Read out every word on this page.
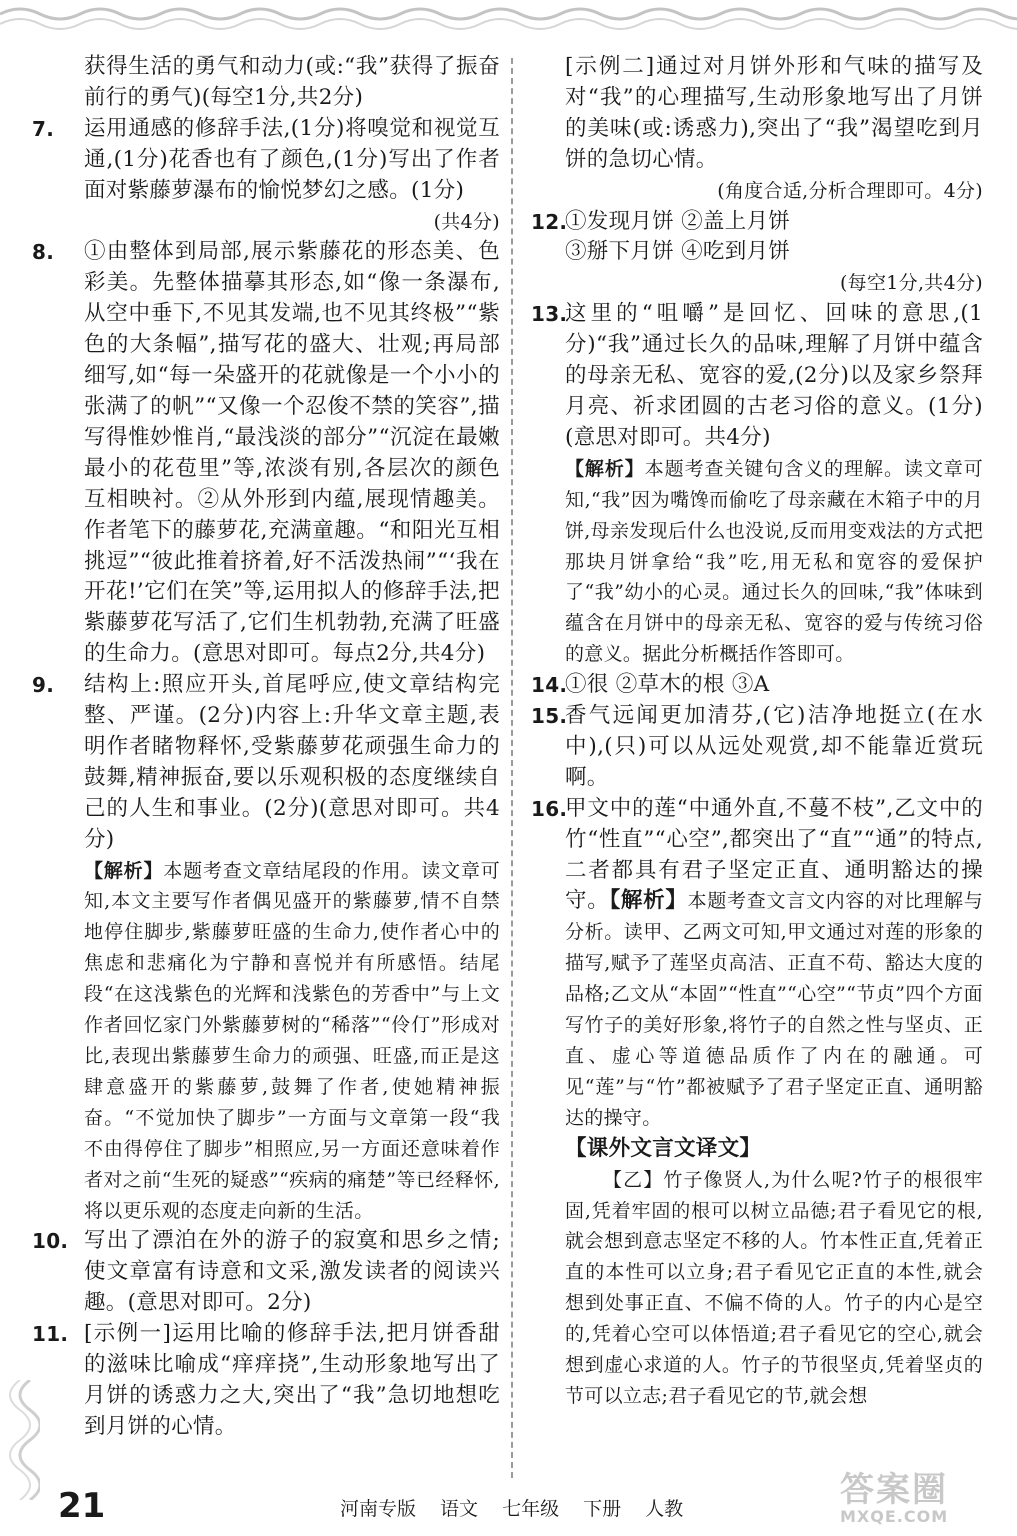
获得生活的勇气和动力(或:“我”获得了振奋前行的勇气)(每空1分,共2分)

7. 运用通感的修辞手法,(1分)将嗅觉和视觉互通,(1分)花香也有了颜色,(1分)写出了作者面对紫藤萝瀑布的愉悦梦幻之感。(1分)

(共4分)

8. ①由整体到局部,展示紫藤花的形态美、色彩美。先整体描摹其形态,如“像一条瀑布,从空中垂下,不见其发端,也不见其终极”“紫色的大条幅”,描写花的盛大、壮观;再局部细写,如“每一朵盛开的花就像是一个小小的张满了的帆”“又像一个忍俊不禁的笑容”,描写得惟妙惟肖,“最浅淡的部分”“沉淀在最嫩最小的花苞里”等,浓淡有别,各层次的颜色互相映衬。②从外形到内蕴,展现情趣美。作者笔下的藤萝花,充满童趣。“和阳光互相挑逗”“彼此推着挤着,好不活泼热闹”“‘我在开花!’它们在笑”等,运用拟人的修辞手法,把紫藤萝花写活了,它们生机勃勃,充满了旺盛的生命力。(意思对即可。每点2分,共4分)

9. 结构上:照应开头,首尾呼应,使文章结构完整、严谨。(2分)内容上:升华文章主题,表明作者睹物释怀,受紫藤萝花顽强生命力的鼓舞,精神振奋,要以乐观积极的态度继续自己的人生和事业。(2分)(意思对即可。共4分)

【解析】本题考查文章结尾段的作用。读文章可知,本文主要写作者偶见盛开的紫藤萝,情不自禁地停住脚步,紫藤萝旺盛的生命力,使作者心中的焦虑和悲痛化为宁静和喜悦并有所感悟。结尾段“在这浅紫色的光辉和浅紫色的芳香中”与上文作者回忆家门外紫藤萝树的“稀落”“伶仃”形成对比,表现出紫藤萝生命力的顽强、旺盛,而正是这肆意盛开的紫藤萝,鼓舞了作者,使她精神振奋。“不觉加快了脚步”一方面与文章第一段“我不由得停住了脚步”相照应,另一方面还意味着作者对之前“生死的疑惑”“疾病的痛楚”等已经释怀,将以更乐观的态度走向新的生活。

10. 写出了漂泊在外的游子的寂寞和思乡之情;使文章富有诗意和文采,激发读者的阅读兴趣。(意思对即可。2分)

11. [示例一]运用比喻的修辞手法,把月饼香甜的滋味比喻成“痒痒挠”,生动形象地写出了月饼的诱惑力之大,突出了“我”急切地想吃到月饼的心情。

[示例二]通过对月饼外形和气味的描写及对“我”的心理描写,生动形象地写出了月饼的美味(或:诱惑力),突出了“我”渴望吃到月饼的急切心情。

(角度合适,分析合理即可。4分)

12.

①发现月饼 ②盖上月饼

③掰下月饼 ④吃到月饼

(每空1分,共4分)

13.

这里的“咀嚼”是回忆、回味的意思,(1分)“我”通过长久的品味,理解了月饼中蕴含的母亲无私、宽容的爱,(2分)以及家乡祭拜月亮、祈求团圆的古老习俗的意义。(1分)(意思对即可。共4分)

【解析】本题考查关键句含义的理解。读文章可知,“我”因为嘴馋而偷吃了母亲藏在木箱子中的月饼,母亲发现后什么也没说,反而用变戏法的方式把那块月饼拿给“我”吃,用无私和宽容的爱保护了“我”幼小的心灵。通过长久的回味,“我”体味到蕴含在月饼中的母亲无私、宽容的爱与传统习俗的意义。据此分析概括作答即可。

14.

①很 ②草木的根 ③A

15.

香气远闻更加清芬,(它)洁净地挺立(在水中),(只)可以从远处观赏,却不能靠近赏玩啊。

16.

甲文中的莲“中通外直,不蔓不枝”,乙文中的竹“性直”“心空”,都突出了“直”“通”的特点,二者都具有君子坚定正直、通明豁达的操守。【解析】本题考查文言文内容的对比理解与分析。读甲、乙两文可知,甲文通过对莲的形象的描写,赋予了莲坚贞高洁、正直不苟、豁达大度的品格;乙文从“本固”“性直”“心空”“节贞”四个方面写竹子的美好形象,将竹子的自然之性与坚贞、正直、虚心等道德品质作了内在的融通。可见“莲”与“竹”都被赋予了君子坚定正直、通明豁达的操守。

【课外文言文译文】

【乙】竹子像贤人,为什么呢?竹子的根很牢固,凭着牢固的根可以树立品德;君子看见它的根,就会想到意志坚定不移的人。竹本性正直,凭着正直的本性可以立身;君子看见它正直的本性,就会想到处事正直、不偏不倚的人。竹子的内心是空的,凭着心空可以体悟道;君子看见它的空心,就会想到虚心求道的人。竹子的节很坚贞,凭着坚贞的节可以立志;君子看见它的节,就会想

21	河南专版 语文 七年级 下册 人教	答案圈
MXQE.COM
